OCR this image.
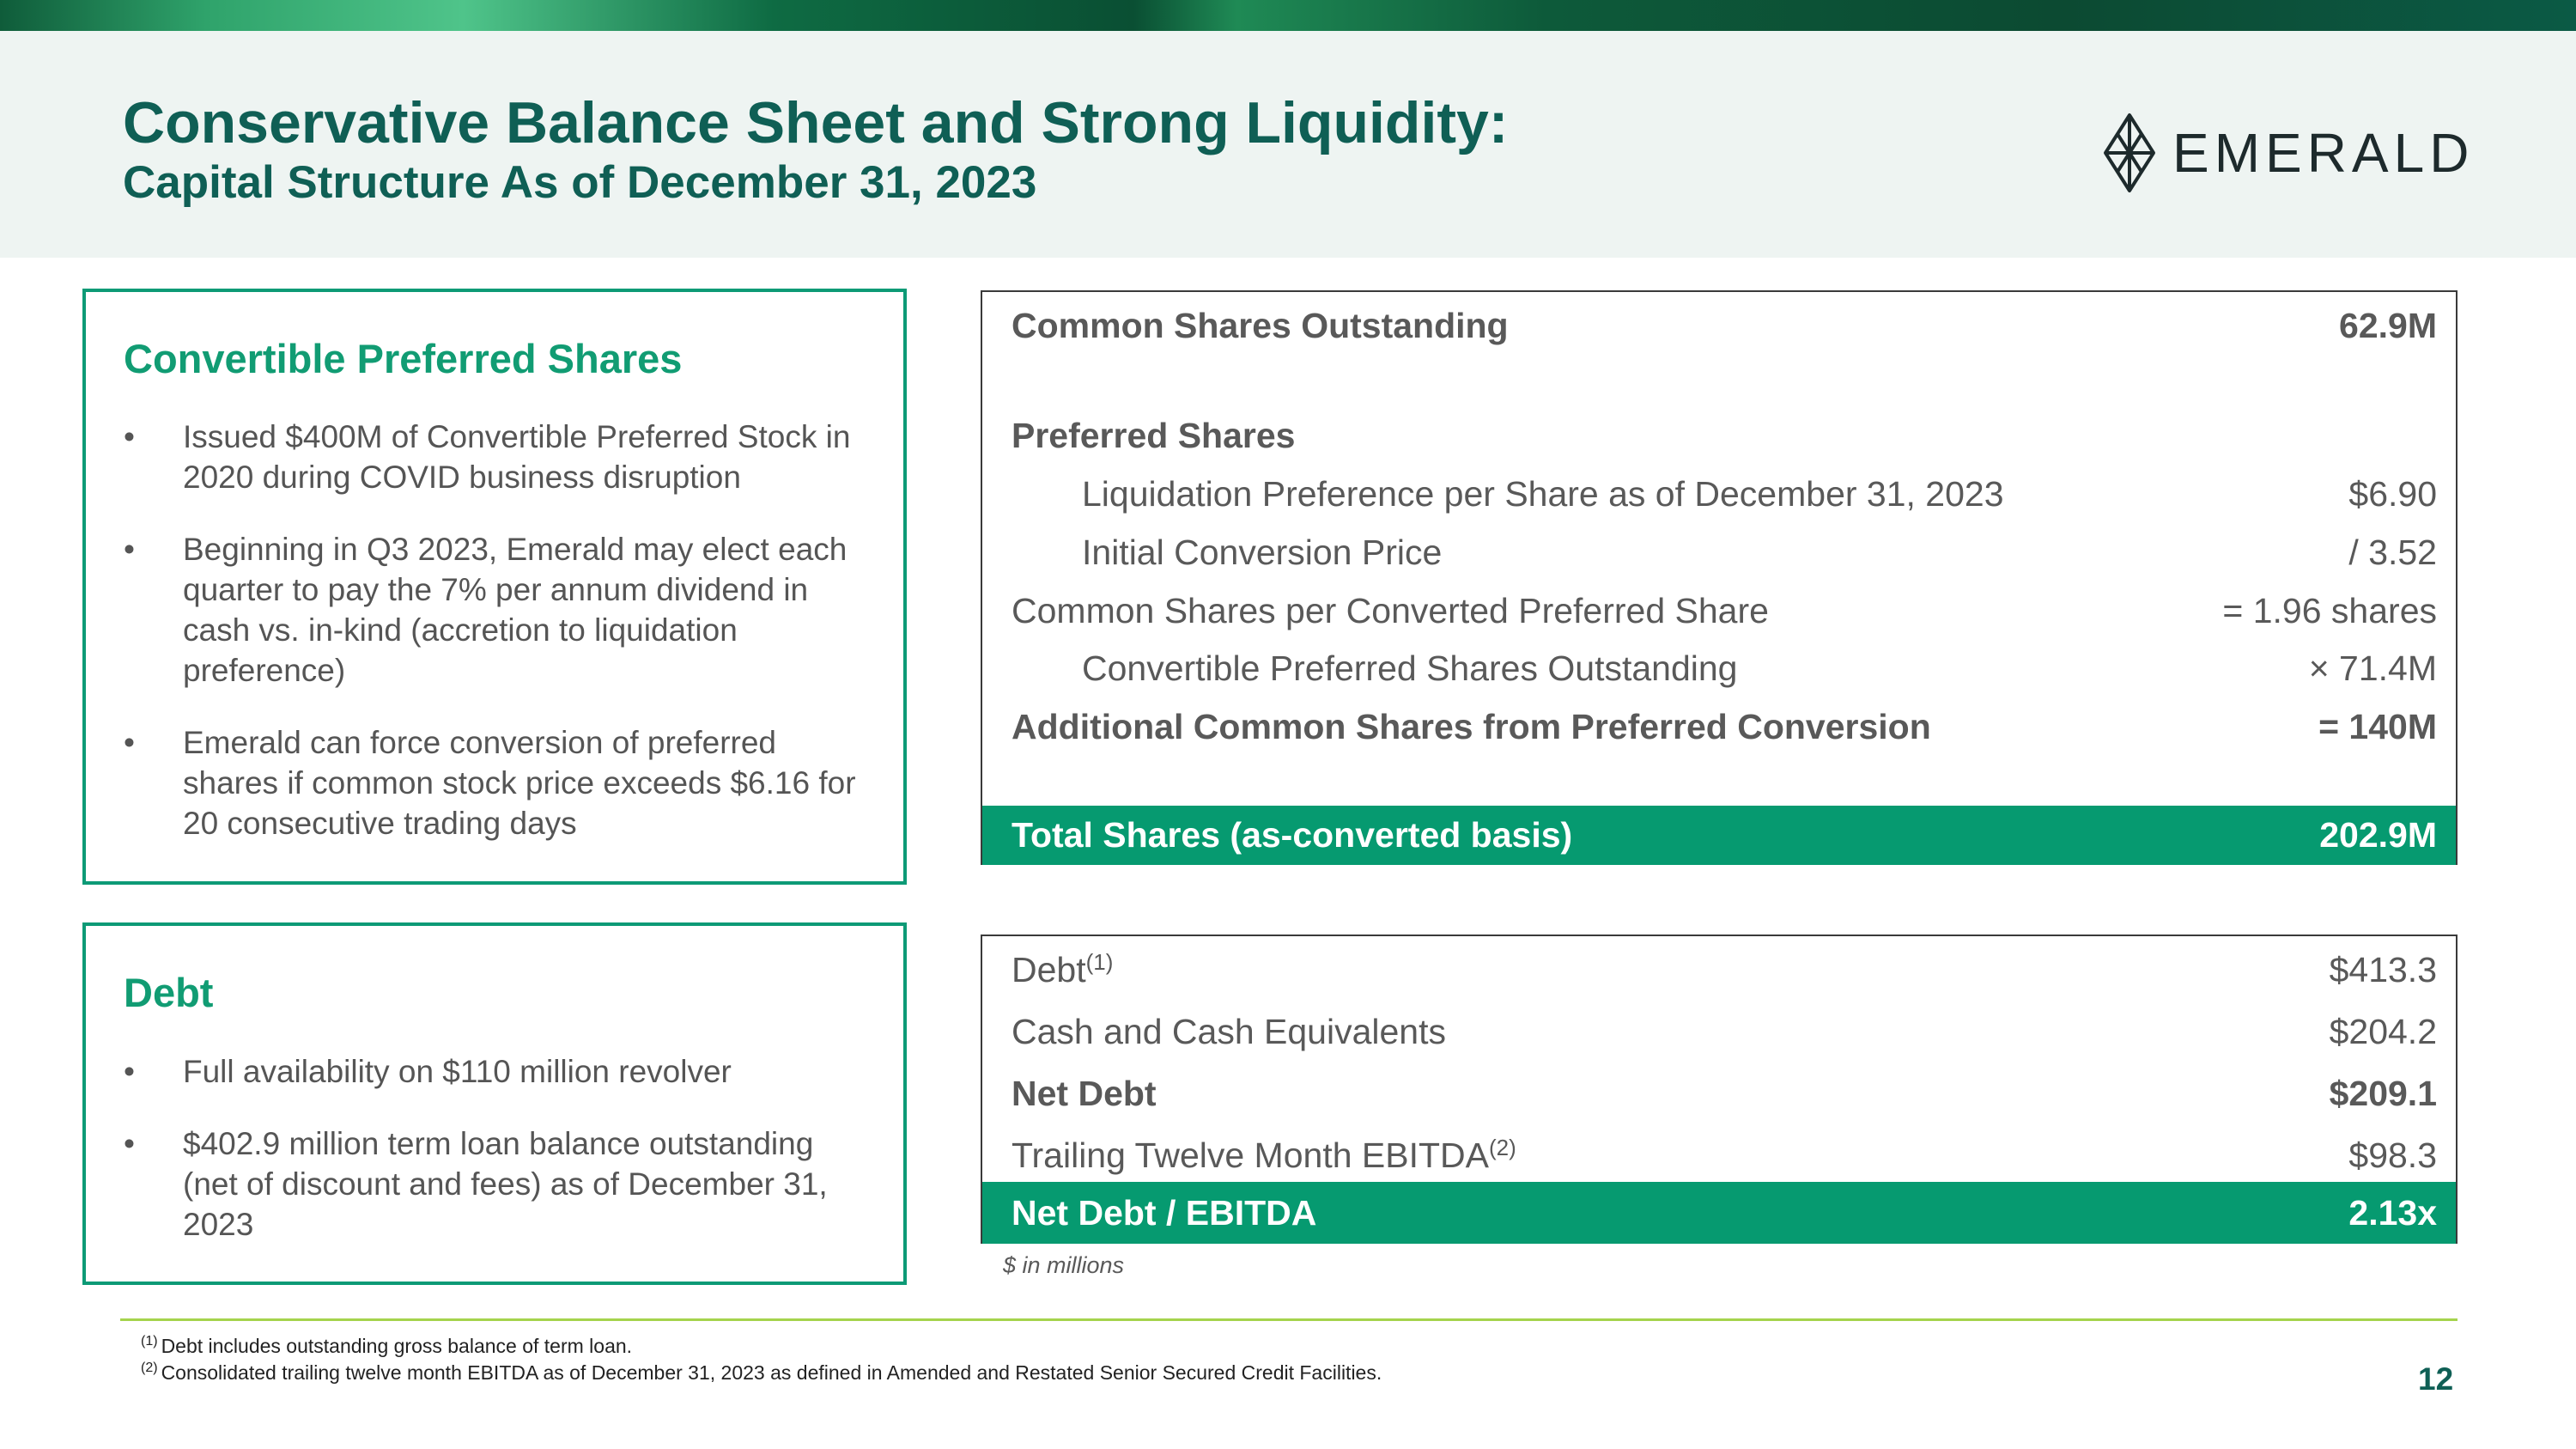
Conservative Balance Sheet and Strong Liquidity:
Capital Structure As of December 31, 2023	EMERALD
Convertible Preferred Shares
• Issued $400M of Convertible Preferred Stock in 2020 during COVID business disruption
• Beginning in Q3 2023, Emerald may elect each quarter to pay the 7% per annum dividend in cash vs. in-kind (accretion to liquidation preference)
• Emerald can force conversion of preferred shares if common stock price exceeds $6.16 for 20 consecutive trading days
Debt
• Full availability on $110 million revolver
• $402.9 million term loan balance outstanding (net of discount and fees) as of December 31, 2023
Common Shares Outstanding	62.9M
Preferred Shares
Liquidation Preference per Share as of December 31, 2023	$6.90
Initial Conversion Price	/ 3.52
Common Shares per Converted Preferred Share	= 1.96 shares
Convertible Preferred Shares Outstanding	× 71.4M
Additional Common Shares from Preferred Conversion	= 140M
Total Shares (as-converted basis)	202.9M
Debt$^{(1)}$	$413.3
Cash and Cash Equivalents	$204.2
Net Debt	$209.1
Trailing Twelve Month EBITDA$^{(2)}$	$98.3
Net Debt / EBITDA	2.13x
$ in millions
$^{(1)}$ Debt includes outstanding gross balance of term loan.
$^{(2)}$ Consolidated trailing twelve month EBITDA as of December 31, 2023 as defined in Amended and Restated Senior Secured Credit Facilities.	12
